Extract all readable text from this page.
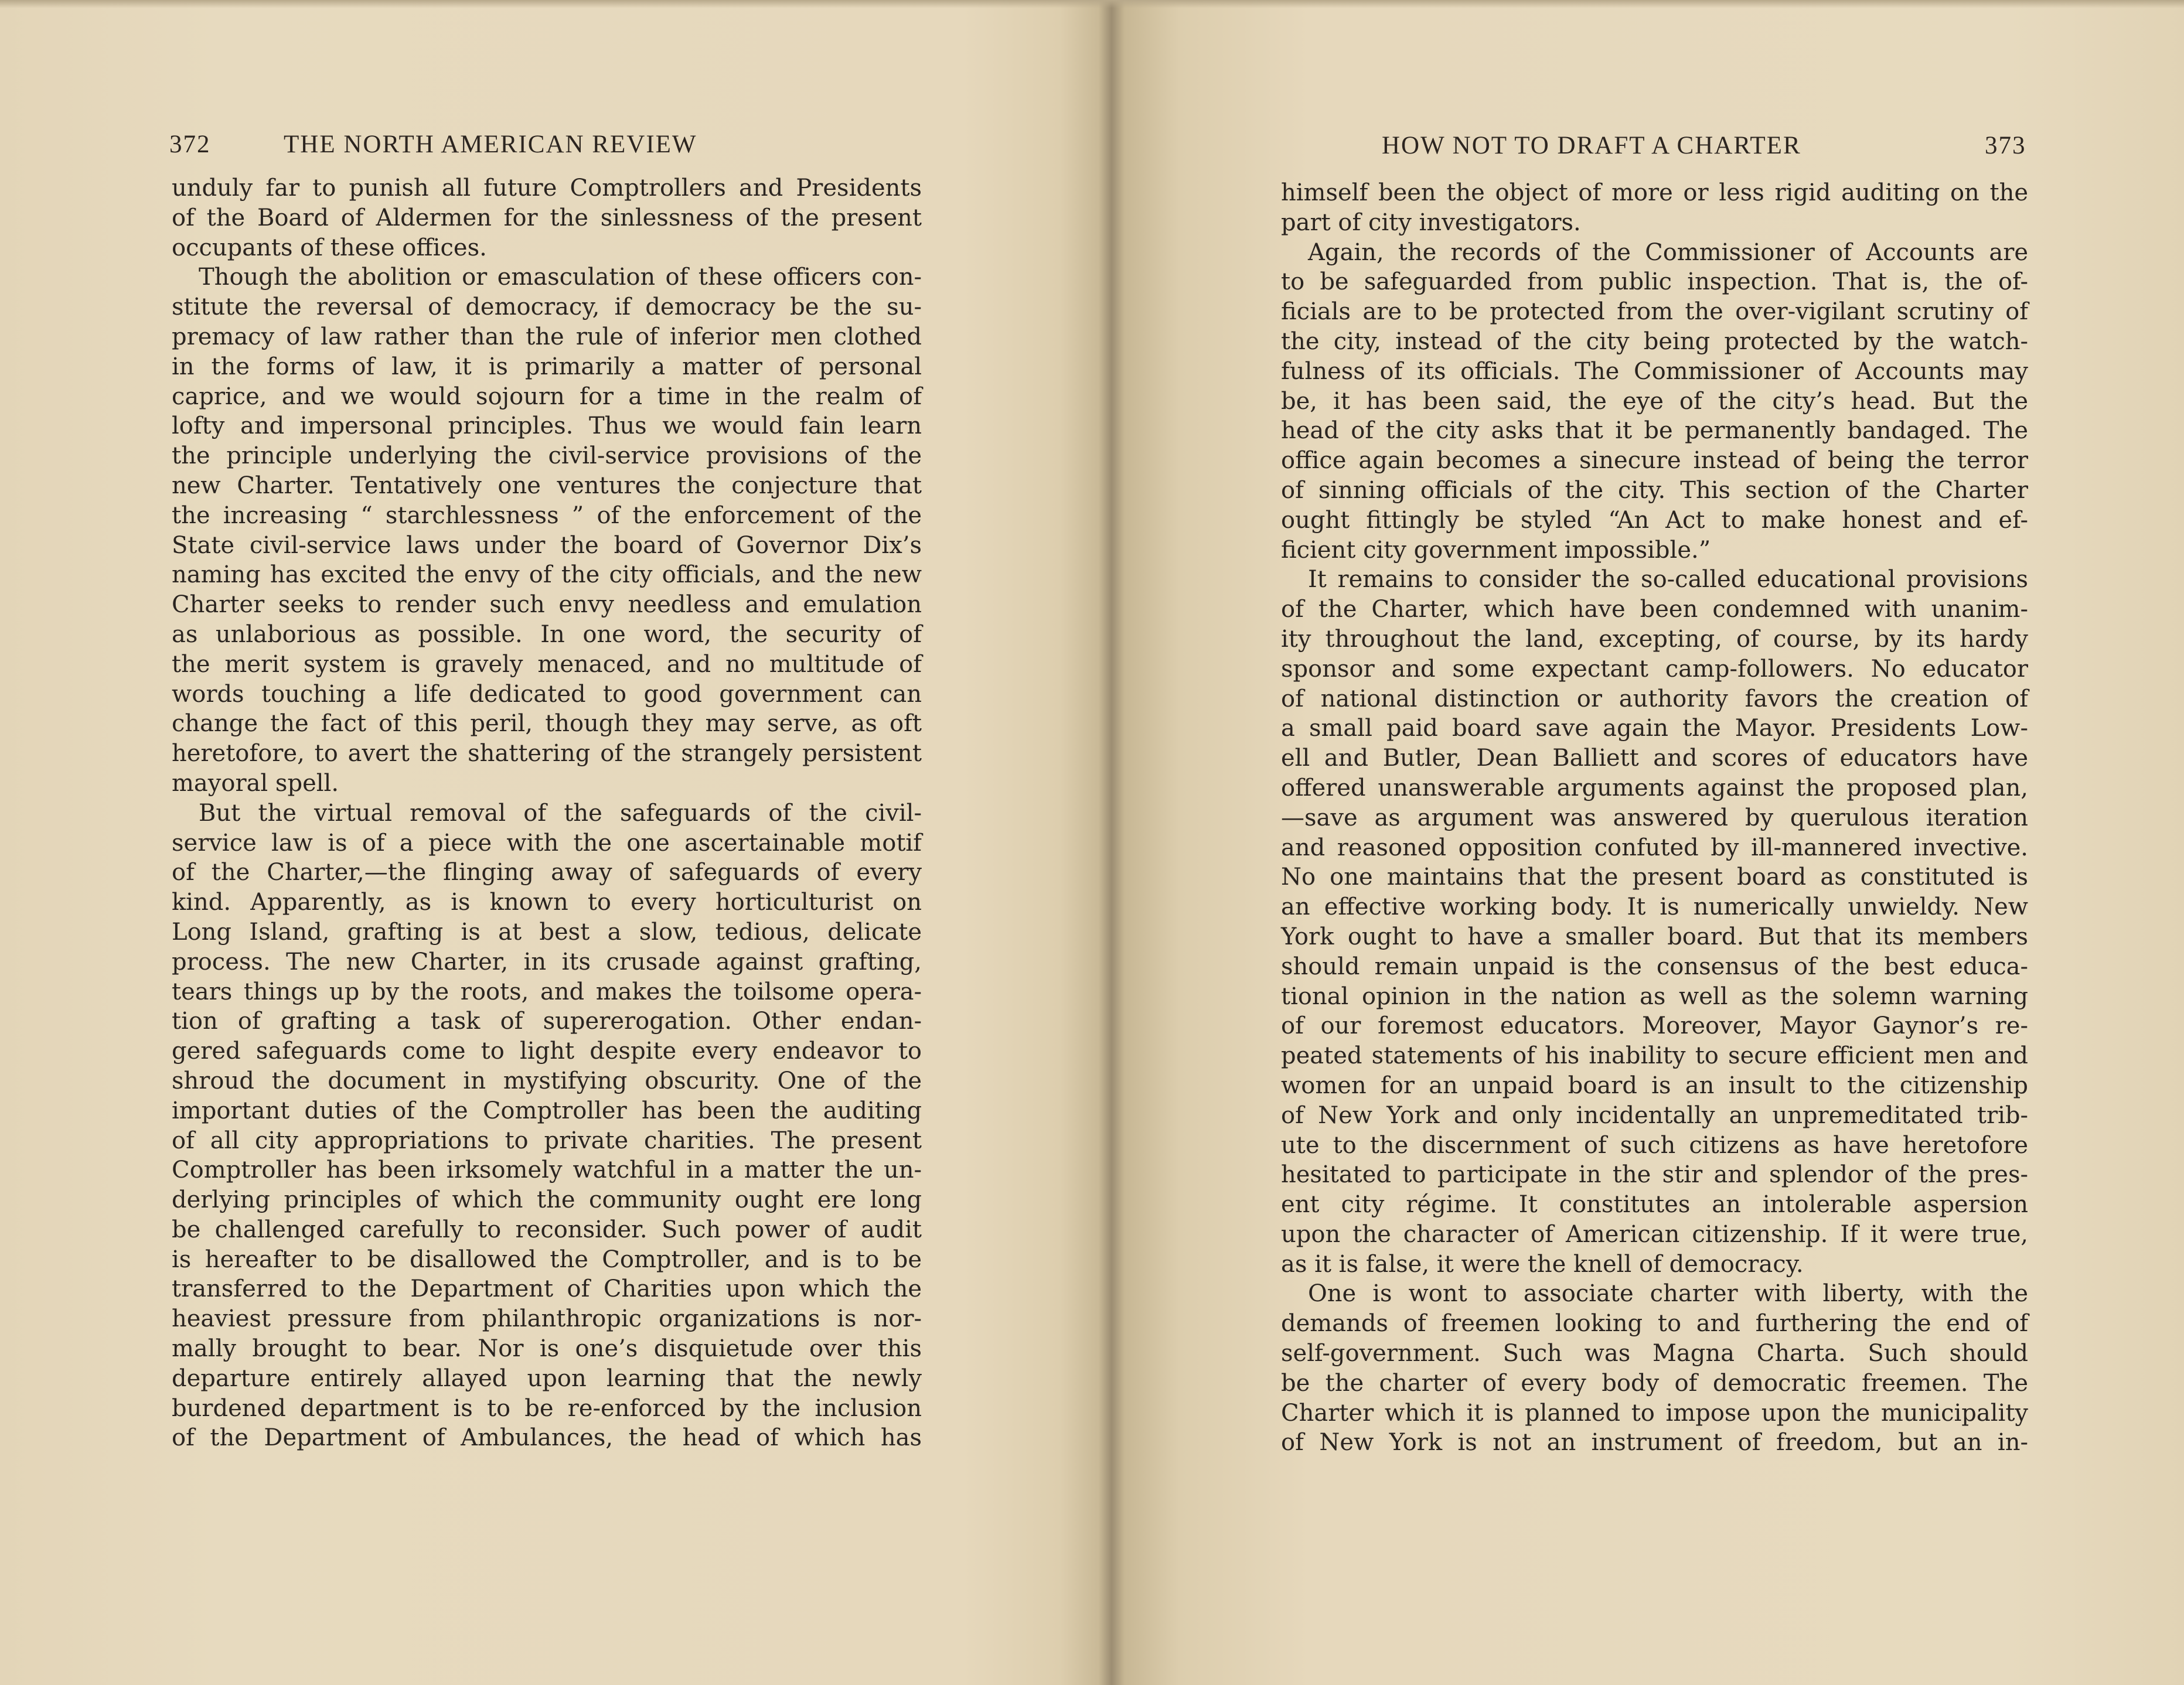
372	THE NORTH AMERICAN REVIEW
unduly far to punish all future Comptrollers and Presidents
of the Board of Aldermen for the sinlessness of the present
occupants of these offices.
Though the abolition or emasculation of these officers con-
stitute the reversal of democracy, if democracy be the su-
premacy of law rather than the rule of inferior men clothed
in the forms of law, it is primarily a matter of personal
caprice, and we would sojourn for a time in the realm of
lofty and impersonal principles. Thus we would fain learn
the principle underlying the civil-service provisions of the
new Charter. Tentatively one ventures the conjecture that
the increasing “ starchlessness ” of the enforcement of the
State civil-service laws under the board of Governor Dix’s
naming has excited the envy of the city officials, and the new
Charter seeks to render such envy needless and emulation
as unlaborious as possible. In one word, the security of
the merit system is gravely menaced, and no multitude of
words touching a life dedicated to good government can
change the fact of this peril, though they may serve, as oft
heretofore, to avert the shattering of the strangely persistent
mayoral spell.
But the virtual removal of the safeguards of the civil-
service law is of a piece with the one ascertainable motif
of the Charter,—the flinging away of safeguards of every
kind. Apparently, as is known to every horticulturist on
Long Island, grafting is at best a slow, tedious, delicate
process. The new Charter, in its crusade against grafting,
tears things up by the roots, and makes the toilsome opera-
tion of grafting a task of supererogation. Other endan-
gered safeguards come to light despite every endeavor to
shroud the document in mystifying obscurity. One of the
important duties of the Comptroller has been the auditing
of all city appropriations to private charities. The present
Comptroller has been irksomely watchful in a matter the un-
derlying principles of which the community ought ere long
be challenged carefully to reconsider. Such power of audit
is hereafter to be disallowed the Comptroller, and is to be
transferred to the Department of Charities upon which the
heaviest pressure from philanthropic organizations is nor-
mally brought to bear. Nor is one’s disquietude over this
departure entirely allayed upon learning that the newly
burdened department is to be re-enforced by the inclusion
of the Department of Ambulances, the head of which has
HOW NOT TO DRAFT A CHARTER	373
himself been the object of more or less rigid auditing on the
part of city investigators.
Again, the records of the Commissioner of Accounts are
to be safeguarded from public inspection. That is, the of-
ficials are to be protected from the over-vigilant scrutiny of
the city, instead of the city being protected by the watch-
fulness of its officials. The Commissioner of Accounts may
be, it has been said, the eye of the city’s head. But the
head of the city asks that it be permanently bandaged. The
office again becomes a sinecure instead of being the terror
of sinning officials of the city. This section of the Charter
ought fittingly be styled “An Act to make honest and ef-
ficient city government impossible.”
It remains to consider the so-called educational provisions
of the Charter, which have been condemned with unanim-
ity throughout the land, excepting, of course, by its hardy
sponsor and some expectant camp-followers. No educator
of national distinction or authority favors the creation of
a small paid board save again the Mayor. Presidents Low-
ell and Butler, Dean Balliett and scores of educators have
offered unanswerable arguments against the proposed plan,
—save as argument was answered by querulous iteration
and reasoned opposition confuted by ill-mannered invective.
No one maintains that the present board as constituted is
an effective working body. It is numerically unwieldy. New
York ought to have a smaller board. But that its members
should remain unpaid is the consensus of the best educa-
tional opinion in the nation as well as the solemn warning
of our foremost educators. Moreover, Mayor Gaynor’s re-
peated statements of his inability to secure efficient men and
women for an unpaid board is an insult to the citizenship
of New York and only incidentally an unpremeditated trib-
ute to the discernment of such citizens as have heretofore
hesitated to participate in the stir and splendor of the pres-
ent city régime. It constitutes an intolerable aspersion
upon the character of American citizenship. If it were true,
as it is false, it were the knell of democracy.
One is wont to associate charter with liberty, with the
demands of freemen looking to and furthering the end of
self-government. Such was Magna Charta. Such should
be the charter of every body of democratic freemen. The
Charter which it is planned to impose upon the municipality
of New York is not an instrument of freedom, but an in-
